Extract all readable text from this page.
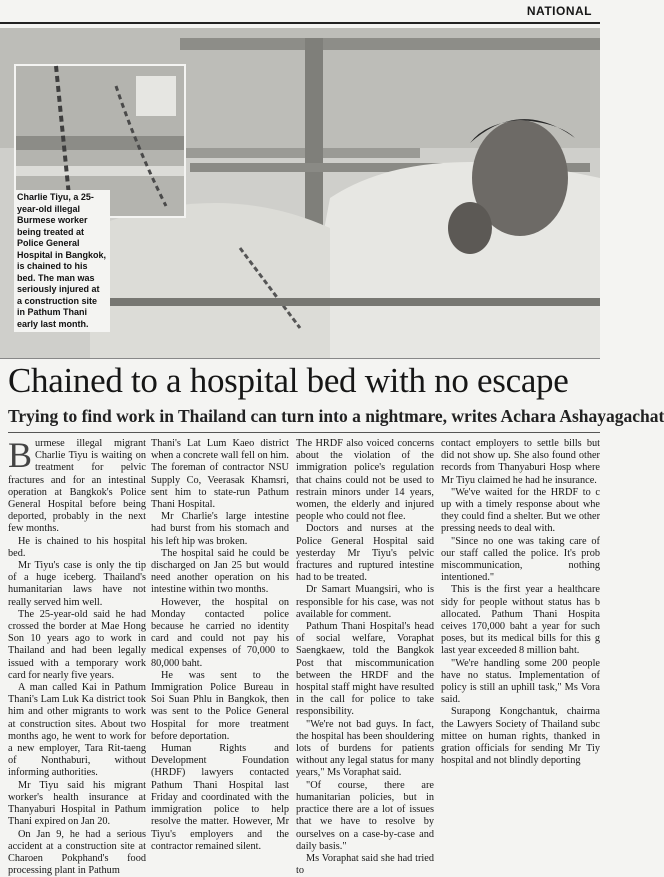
NATIONAL
Charlie Tiyu, a 25-year-old illegal Burmese worker being treated at Police General Hospital in Bangkok, is chained to his bed. The man was seriously injured at a construction site in Pathum Thani early last month.
Chained to a hospital bed with no escape
Trying to find work in Thailand can turn into a nightmare, writes Achara Ashayagachat
B urmese illegal migrant Charlie Tiyu is waiting on treatment for pelvic fractures and for an intestinal operation at Bangkok's Police General Hospital before being deported, probably in the next few months.

He is chained to his hospital bed.

Mr Tiyu's case is only the tip of a huge iceberg. Thailand's humanitarian laws have not really served him well.

The 25-year-old said he had crossed the border at Mae Hong Son 10 years ago to work in Thailand and had been legally issued with a temporary work card for nearly five years.

A man called Kai in Pathum Thani's Lam Luk Ka district took him and other migrants to work at construction sites. About two months ago, he went to work for a new employer, Tara Rit-taeng of Nonthaburi, without informing authorities.

Mr Tiyu said his migrant worker's health insurance at Thanyaburi Hospital in Pathum Thani expired on Jan 20.

On Jan 9, he had a serious accident at a construction site at Charoen Pokphand's food processing plant in Pathum

Thani's Lat Lum Kaeo district when a concrete wall fell on him. The foreman of contractor NSU Supply Co, Veerasak Khamsri, sent him to state-run Pathum Thani Hospital.

Mr Charlie's large intestine had burst from his stomach and his left hip was broken.

The hospital said he could be discharged on Jan 25 but would need another operation on his intestine within two months.

However, the hospital on Monday contacted police because he carried no identity card and could not pay his medical expenses of 70,000 to 80,000 baht.

He was sent to the Immigration Police Bureau in Soi Suan Phlu in Bangkok, then was sent to the Police General Hospital for more treatment before deportation.

Human Rights and Development Foundation (HRDF) lawyers contacted Pathum Thani Hospital last Friday and coordinated with the immigration police to help resolve the matter. However, Mr Tiyu's employers and the contractor remained silent.

The HRDF also voiced concerns about the violation of the immigration police's regulation that chains could not be used to restrain minors under 14 years, women, the elderly and injured people who could not flee.

Doctors and nurses at the Police General Hospital said yesterday Mr Tiyu's pelvic fractures and ruptured intestine had to be treated.

Dr Samart Muangsiri, who is responsible for his case, was not available for comment.

Pathum Thani Hospital's head of social welfare, Voraphat Saengkaew, told the Bangkok Post that miscommunication between the HRDF and the hospital staff might have resulted in the call for police to take responsibility.

"We're not bad guys. In fact, the hospital has been shouldering lots of burdens for patients without any legal status for many years," Ms Voraphat said.

"Of course, there are humanitarian policies, but in practice there are a lot of issues that we have to resolve by ourselves on a case-by-case and daily basis."

Ms Voraphat said she had tried to

contact employers to settle bills but did not show up. She also found other records from Thanyaburi Hosp where Mr Tiyu claimed he had he insurance.

"We've waited for the HRDF to c up with a timely response about whe they could find a shelter. But we other pressing needs to deal with.

"Since no one was taking care of our staff called the police. It's prob miscommunication, nothing intentioned."

This is the first year a healthcare sidy for people without status has b allocated. Pathum Thani Hospita ceives 170,000 baht a year for such poses, but its medical bills for this g last year exceeded 8 million baht.

"We're handling some 200 people have no status. Implementation of policy is still an uphill task," Ms Vora said.

Surapong Kongchantuk, chairma the Lawyers Society of Thailand subc mittee on human rights, thanked in gration officials for sending Mr Tiy hospital and not blindly deporting
